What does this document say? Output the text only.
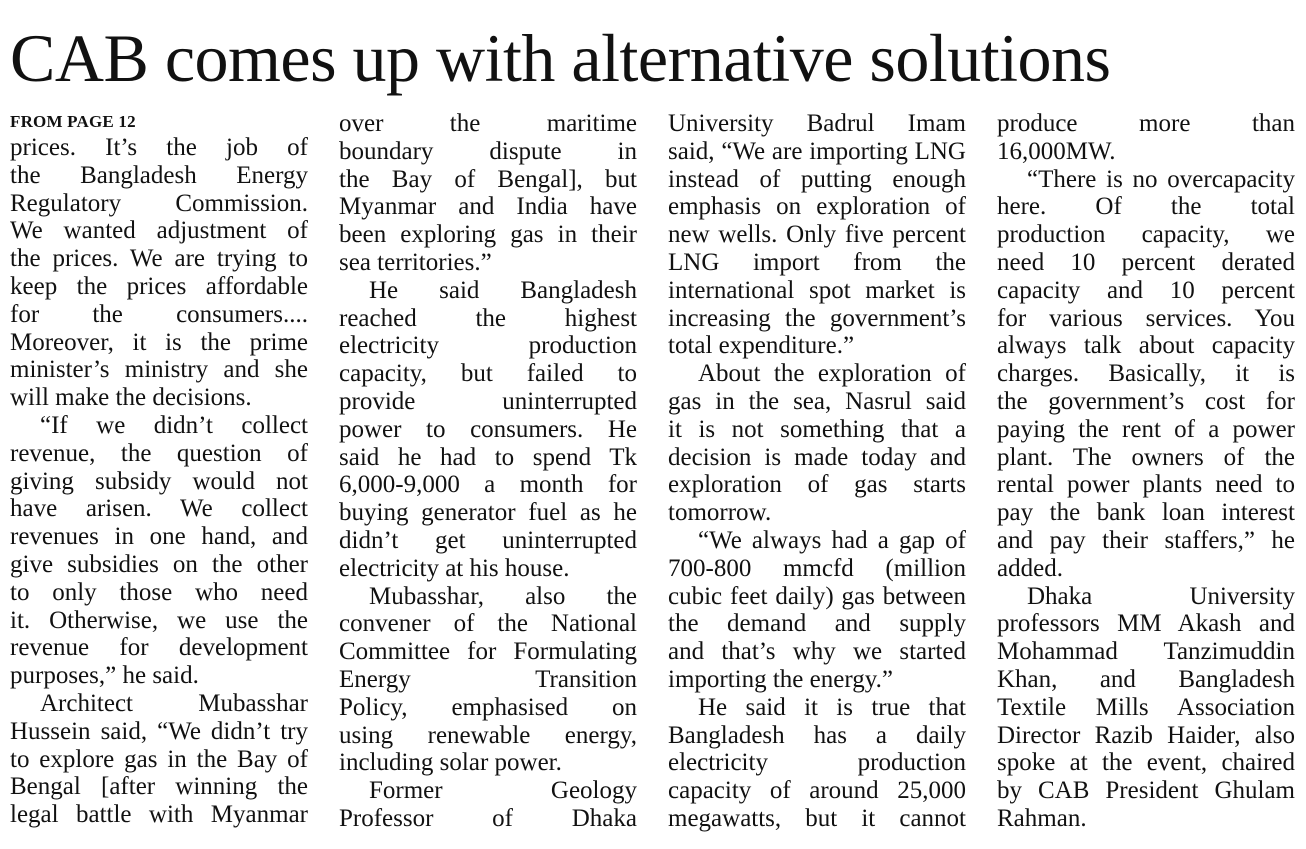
CAB comes up with alternative solutions
FROM PAGE 12
prices. It’s the job of
the Bangladesh Energy
Regulatory Commission.
We wanted adjustment of
the prices. We are trying to
keep the prices affordable
for the consumers....
Moreover, it is the prime
minister’s ministry and she
will make the decisions.
“If we didn’t collect
revenue, the question of
giving subsidy would not
have arisen. We collect
revenues in one hand, and
give subsidies on the other
to only those who need
it. Otherwise, we use the
revenue for development
purposes,” he said.
Architect Mubasshar
Hussein said, “We didn’t try
to explore gas in the Bay of
Bengal [after winning the
legal battle with Myanmar
over the maritime
boundary dispute in
the Bay of Bengal], but
Myanmar and India have
been exploring gas in their
sea territories.”
He said Bangladesh
reached the highest
electricity production
capacity, but failed to
provide uninterrupted
power to consumers. He
said he had to spend Tk
6,000-9,000 a month for
buying generator fuel as he
didn’t get uninterrupted
electricity at his house.
Mubasshar, also the
convener of the National
Committee for Formulating
Energy Transition
Policy, emphasised on
using renewable energy,
including solar power.
Former Geology
Professor of Dhaka
University Badrul Imam
said, “We are importing LNG
instead of putting enough
emphasis on exploration of
new wells. Only five percent
LNG import from the
international spot market is
increasing the government’s
total expenditure.”
About the exploration of
gas in the sea, Nasrul said
it is not something that a
decision is made today and
exploration of gas starts
tomorrow.
“We always had a gap of
700-800 mmcfd (million
cubic feet daily) gas between
the demand and supply
and that’s why we started
importing the energy.”
He said it is true that
Bangladesh has a daily
electricity production
capacity of around 25,000
megawatts, but it cannot
produce more than
16,000MW.
“There is no overcapacity
here. Of the total
production capacity, we
need 10 percent derated
capacity and 10 percent
for various services. You
always talk about capacity
charges. Basically, it is
the government’s cost for
paying the rent of a power
plant. The owners of the
rental power plants need to
pay the bank loan interest
and pay their staffers,” he
added.
Dhaka University
professors MM Akash and
Mohammad Tanzimuddin
Khan, and Bangladesh
Textile Mills Association
Director Razib Haider, also
spoke at the event, chaired
by CAB President Ghulam
Rahman.
